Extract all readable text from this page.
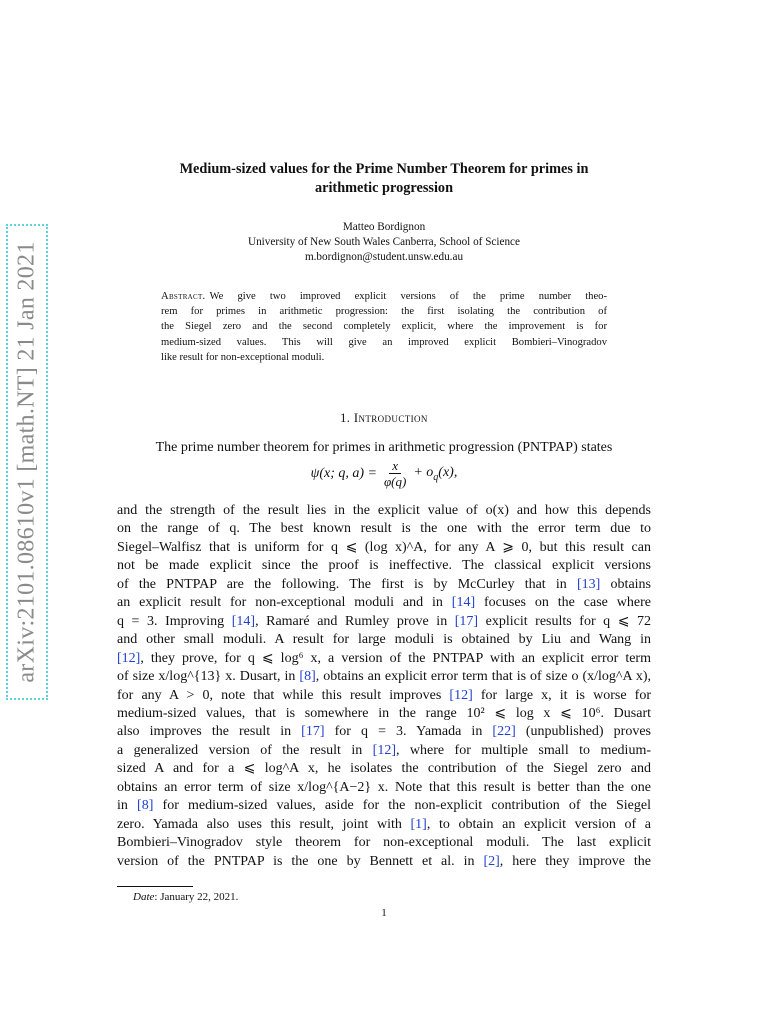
arXiv:2101.08610v1 [math.NT] 21 Jan 2021
Medium-sized values for the Prime Number Theorem for primes in
arithmetic progression
Matteo Bordignon
University of New South Wales Canberra, School of Science
m.bordignon@student.unsw.edu.au
Abstract. We give two improved explicit versions of the prime number theo-
rem for primes in arithmetic progression: the first isolating the contribution of
the Siegel zero and the second completely explicit, where the improvement is for
medium-sized values. This will give an improved explicit Bombieri–Vinogradov
like result for non-exceptional moduli.
1. Introduction
The prime number theorem for primes in arithmetic progression (PNTPAP) states
ψ(x; q, $a) = \frac{x}{\varphi(q)} + o_q(x)$,
and the strength of the result lies in the explicit value of o(x) and how this depends
on the range of q. The best known result is the one with the error term due to
Siegel–Walfisz that is uniform for q ⩽ (log x)^A, for any A ⩾ 0, but this result can
not be made explicit since the proof is ineffective. The classical explicit versions
of the PNTPAP are the following. The first is by McCurley that in [13] obtains
an explicit result for non-exceptional moduli and in [14] focuses on the case where
q = 3. Improving [14], Ramaré and Rumley prove in [17] explicit results for q ⩽ 72
and other small moduli. A result for large moduli is obtained by Liu and Wang in
[12], they prove, for q ⩽ log⁶ x, a version of the PNTPAP with an explicit error term
of size x/log^{13} x. Dusart, in [8], obtains an explicit error term that is of size o (x/log^A x),
for any A > 0, note that while this result improves [12] for large x, it is worse for
medium-sized values, that is somewhere in the range 10² ⩽ log x ⩽ 10⁶. Dusart
also improves the result in [17] for q = 3. Yamada in [22] (unpublished) proves
a generalized version of the result in [12], where for multiple small to medium-
sized A and for a ⩽ log^A x, he isolates the contribution of the Siegel zero and
obtains an error term of size x/log^{A−2} x. Note that this result is better than the one
in [8] for medium-sized values, aside for the non-explicit contribution of the Siegel
zero. Yamada also uses this result, joint with [1], to obtain an explicit version of a
Bombieri–Vinogradov style theorem for non-exceptional moduli. The last explicit
version of the PNTPAP is the one by Bennett et al. in [2], here they improve the
Date: January 22, 2021.
1
